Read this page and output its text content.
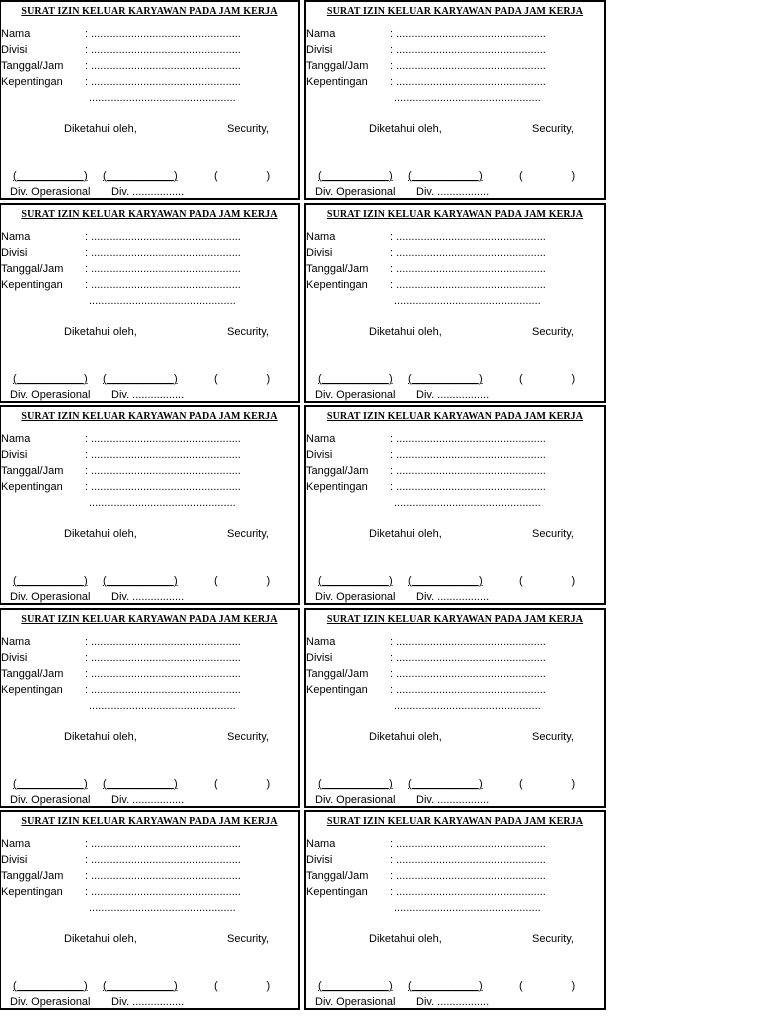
SURAT IZIN KELUAR KARYAWAN PADA JAM KERJA
Nama	: .................................................
Divisi	: .................................................
Tanggal/Jam : .................................................
Kepentingan : .................................................
................................................
Diketahui oleh,	Security,
(___________) (___________)	(                )
Div. Operasional Div. .................
SURAT IZIN KELUAR KARYAWAN PADA JAM KERJA
Nama	: .................................................
Divisi	: .................................................
Tanggal/Jam : .................................................
Kepentingan : .................................................
................................................
Diketahui oleh,	Security,
(___________) (___________)	(                )
Div. Operasional Div. .................
SURAT IZIN KELUAR KARYAWAN PADA JAM KERJA
Nama	: .................................................
Divisi	: .................................................
Tanggal/Jam : .................................................
Kepentingan : .................................................
................................................
Diketahui oleh,	Security,
(___________) (___________)	(                )
Div. Operasional Div. .................
SURAT IZIN KELUAR KARYAWAN PADA JAM KERJA
Nama	: .................................................
Divisi	: .................................................
Tanggal/Jam : .................................................
Kepentingan : .................................................
................................................
Diketahui oleh,	Security,
(___________) (___________)	(                )
Div. Operasional Div. .................
SURAT IZIN KELUAR KARYAWAN PADA JAM KERJA
Nama	: .................................................
Divisi	: .................................................
Tanggal/Jam : .................................................
Kepentingan : .................................................
................................................
Diketahui oleh,	Security,
(___________) (___________)	(                )
Div. Operasional Div. .................
SURAT IZIN KELUAR KARYAWAN PADA JAM KERJA
Nama	: .................................................
Divisi	: .................................................
Tanggal/Jam : .................................................
Kepentingan : .................................................
................................................
Diketahui oleh,	Security,
(___________) (___________)	(                )
Div. Operasional Div. .................
SURAT IZIN KELUAR KARYAWAN PADA JAM KERJA
Nama	: .................................................
Divisi	: .................................................
Tanggal/Jam : .................................................
Kepentingan : .................................................
................................................
Diketahui oleh,	Security,
(___________) (___________)	(                )
Div. Operasional Div. .................
SURAT IZIN KELUAR KARYAWAN PADA JAM KERJA
Nama	: .................................................
Divisi	: .................................................
Tanggal/Jam : .................................................
Kepentingan : .................................................
................................................
Diketahui oleh,	Security,
(___________) (___________)	(                )
Div. Operasional Div. .................
SURAT IZIN KELUAR KARYAWAN PADA JAM KERJA
Nama	: .................................................
Divisi	: .................................................
Tanggal/Jam : .................................................
Kepentingan : .................................................
................................................
Diketahui oleh,	Security,
(___________) (___________)	(                )
Div. Operasional Div. .................
SURAT IZIN KELUAR KARYAWAN PADA JAM KERJA
Nama	: .................................................
Divisi	: .................................................
Tanggal/Jam : .................................................
Kepentingan : .................................................
................................................
Diketahui oleh,	Security,
(___________) (___________)	(                )
Div. Operasional Div. .................
